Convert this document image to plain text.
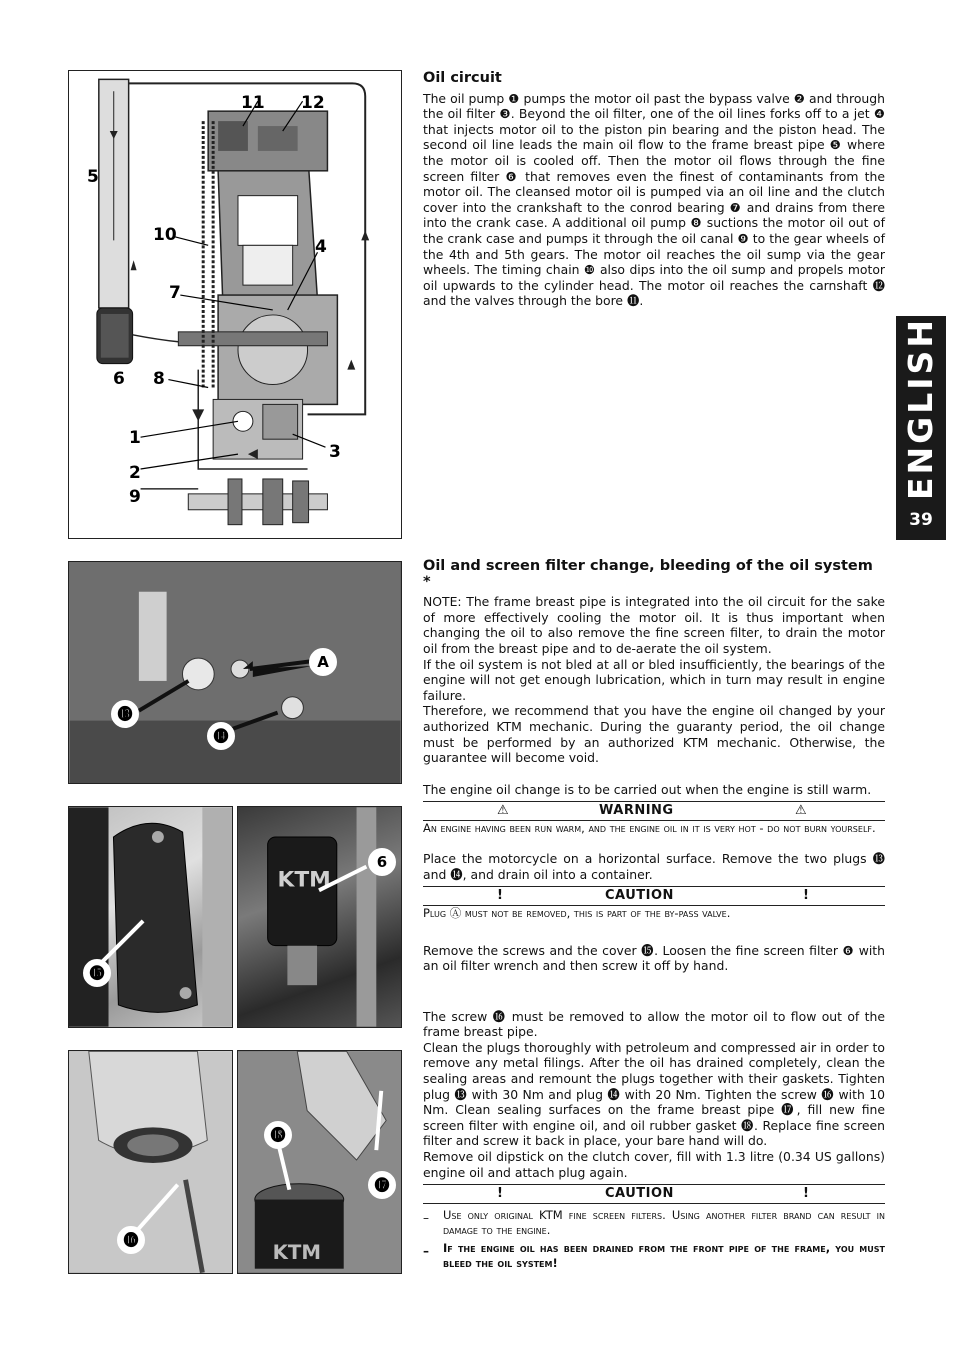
11 12
5
10
4
7
6 8
1
3
2
9
Oil circuit

The oil pump ❶ pumps the motor oil past the bypass valve ❷ and through the oil filter ❸. Beyond the oil filter, one of the oil lines forks off to a jet ❹ that injects motor oil to the piston pin bearing and the piston head. The second oil line leads the main oil flow to the frame breast pipe ❺ where the motor oil is cooled off. Then the motor oil flows through the fine screen filter ❻ that removes even the finest of contaminants from the motor oil. The cleansed motor oil is pumped via an oil line and the clutch cover into the crankshaft to the conrod bearing ❼ and drains from there into the crank case. A additional oil pump ❽ suctions the motor oil out of the crank case and pumps it through the oil canal ❾ to the gear wheels of the 4th and 5th gears. The motor oil reaches the oil sump via the gear wheels. The timing chain ❿ also dips into the oil sump and propels motor oil upwards to the cylinder head. The motor oil reaches the carnshaft ⓬ and the valves through the bore ⓫.

ENGLISH
39
A
⓭
⓮
Oil and screen filter change, bleeding of the oil system *

NOTE: The frame breast pipe is integrated into the oil circuit for the sake of more effectively cooling the motor oil. It is thus important when changing the oil to also remove the fine screen filter, to drain the motor oil from the breast pipe and to de-aerate the oil system.

If the oil system is not bled at all or bled insufficiently, the bearings of the engine will not get enough lubrication, which in turn may result in engine failure.

Therefore, we recommend that you have the engine oil changed by your authorized KTM mechanic. During the guaranty period, the oil change must be performed by an authorized KTM mechanic. Otherwise, the guarantee will become void.

The engine oil change is to be carried out when the engine is still warm.

⚠	WARNING	⚠

An engine having been run warm, and the engine oil in it is very hot - do not burn yourself.

Place the motorcycle on a horizontal surface. Remove the two plugs ⓭ and ⓮, and drain oil into a container.

!	CAUTION	!

Plug Ⓐ must not be removed, this is part of the by-pass valve.

Remove the screws and the cover ⓯. Loosen the fine screen filter ❻ with an oil filter wrench and then screw it off by hand.

The screw ⓰ must be removed to allow the motor oil to flow out of the frame breast pipe.

Clean the plugs thoroughly with petroleum and compressed air in order to remove any metal filings. After the oil has drained completely, clean the sealing areas and remount the plugs together with their gaskets. Tighten plug ⓭ with 30 Nm and plug ⓮ with 20 Nm. Tighten the screw ⓰ with 10 Nm. Clean sealing surfaces on the frame breast pipe ⓱, fill new fine screen filter with engine oil, and oil rubber gasket ⓲. Replace fine screen filter and screw it back in place, your bare hand will do.

Remove oil dipstick on the clutch cover, fill with 1.3 litre (0.34 US gallons) engine oil and attach plug again.

!	CAUTION	!
– Use only original KTM fine screen filters. Using another filter brand can result in damage to the engine.
– If the engine oil has been drained from the front pipe of the frame, you must bleed the oil system!
⓯
KTM
6
⓰
KTM
⓲
⓱
